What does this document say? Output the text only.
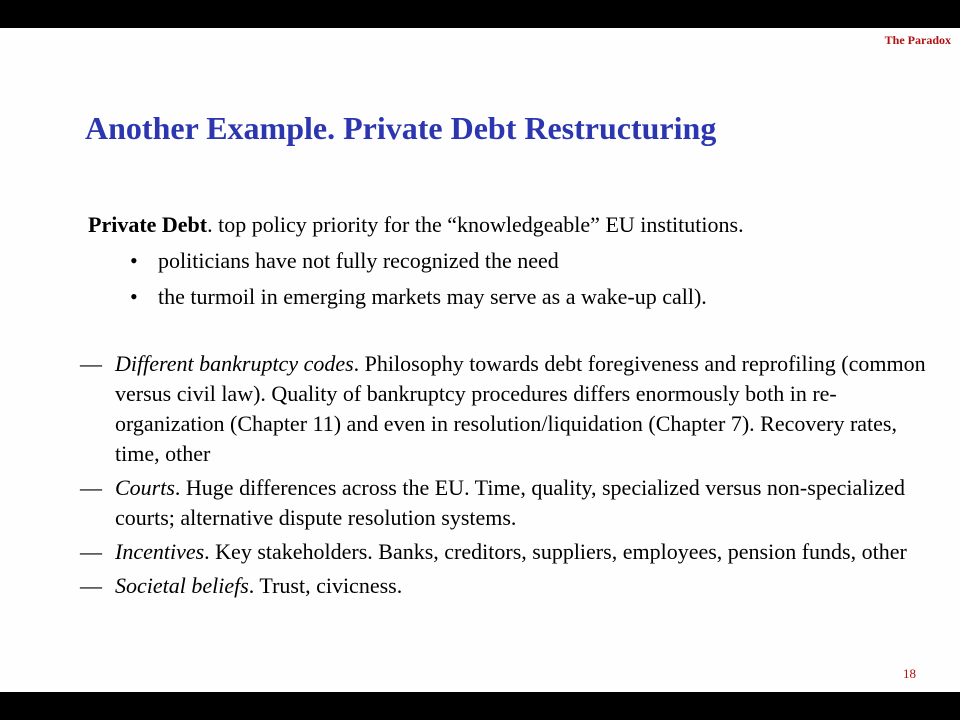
The Paradox
Another Example. Private Debt Restructuring
Private Debt. top policy priority for the “knowledgeable” EU institutions.
• politicians have not fully recognized the need
• the turmoil in emerging markets may serve as a wake-up call).
— Different bankruptcy codes. Philosophy towards debt foregiveness and reprofiling (common versus civil law). Quality of bankruptcy procedures differs enormously both in re-organization (Chapter 11) and even in resolution/liquidation (Chapter 7). Recovery rates, time, other
— Courts. Huge differences across the EU. Time, quality, specialized versus non-specialized courts; alternative dispute resolution systems.
— Incentives. Key stakeholders. Banks, creditors, suppliers, employees, pension funds, other
— Societal beliefs. Trust, civicness.
18
